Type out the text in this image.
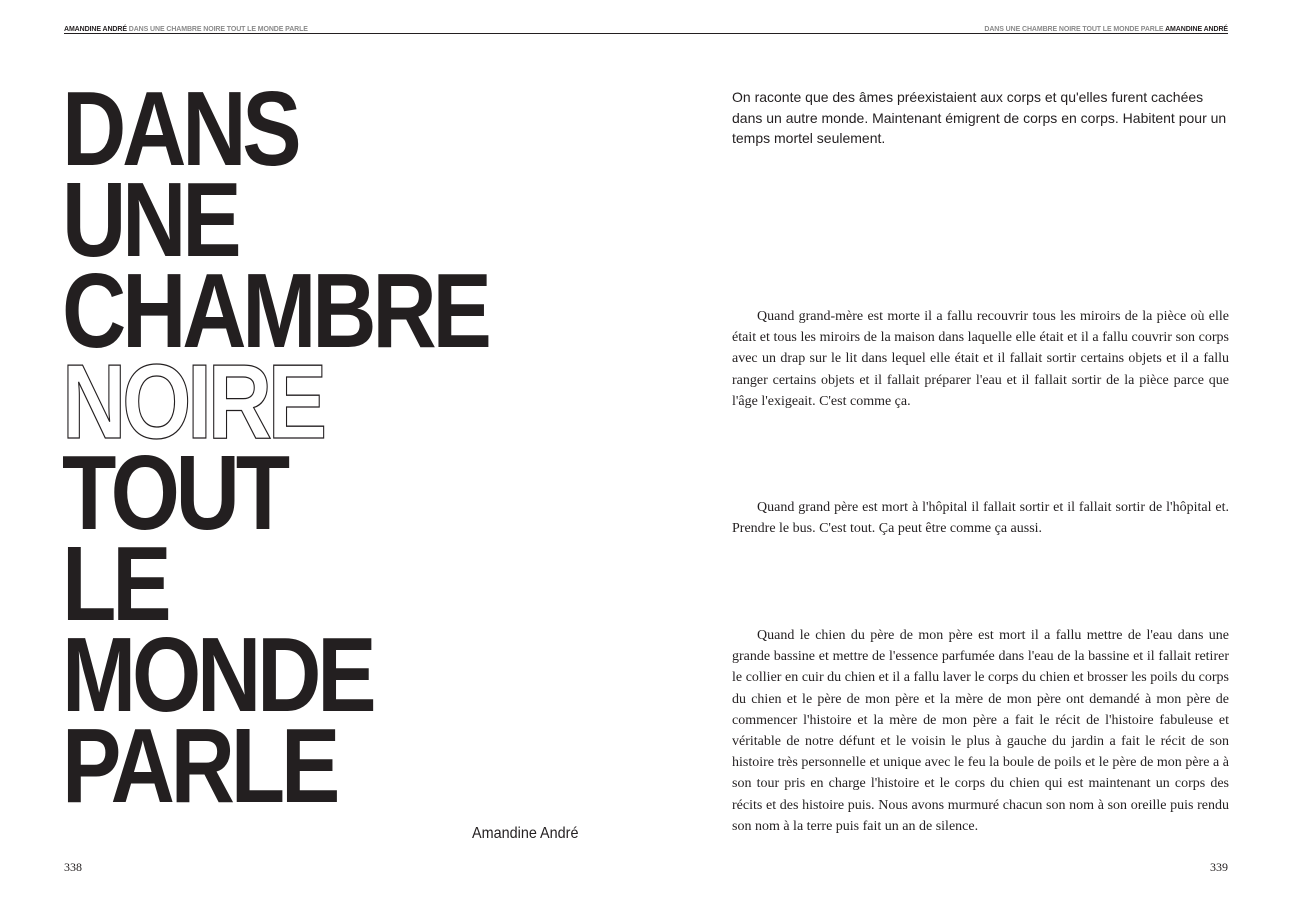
AMANDINE ANDRÉ DANS UNE CHAMBRE NOIRE TOUT LE MONDE PARLE	DANS UNE CHAMBRE NOIRE TOUT LE MONDE PARLE AMANDINE ANDRÉ
DANS
UNE
CHAMBRE
NOIRE
TOUT
LE
MONDE
PARLE
Amandine André
338	339

On raconte que des âmes préexistaient aux corps et qu'elles furent cachées dans un autre monde. Maintenant émigrent de corps en corps. Habitent pour un temps mortel seulement.

Quand grand-mère est morte il a fallu recouvrir tous les miroirs de la pièce où elle était et tous les miroirs de la maison dans laquelle elle était et il a fallu couvrir son corps avec un drap sur le lit dans lequel elle était et il fallait sortir certains objets et il a fallu ranger certains objets et il fallait préparer l'eau et il fallait sortir de la pièce parce que l'âge l'exigeait. C'est comme ça.

Quand grand père est mort à l'hôpital il fallait sortir et il fallait sortir de l'hôpital et. Prendre le bus. C'est tout. Ça peut être comme ça aussi.

Quand le chien du père de mon père est mort il a fallu mettre de l'eau dans une grande bassine et mettre de l'essence parfumée dans l'eau de la bassine et il fallait retirer le collier en cuir du chien et il a fallu laver le corps du chien et brosser les poils du corps du chien et le père de mon père et la mère de mon père ont demandé à mon père de commencer l'histoire et la mère de mon père a fait le récit de l'histoire fabuleuse et véritable de notre défunt et le voisin le plus à gauche du jardin a fait le récit de son histoire très personnelle et unique avec le feu la boule de poils et le père de mon père a à son tour pris en charge l'histoire et le corps du chien qui est maintenant un corps des récits et des histoire puis. Nous avons murmuré chacun son nom à son oreille puis rendu son nom à la terre puis fait un an de silence.
